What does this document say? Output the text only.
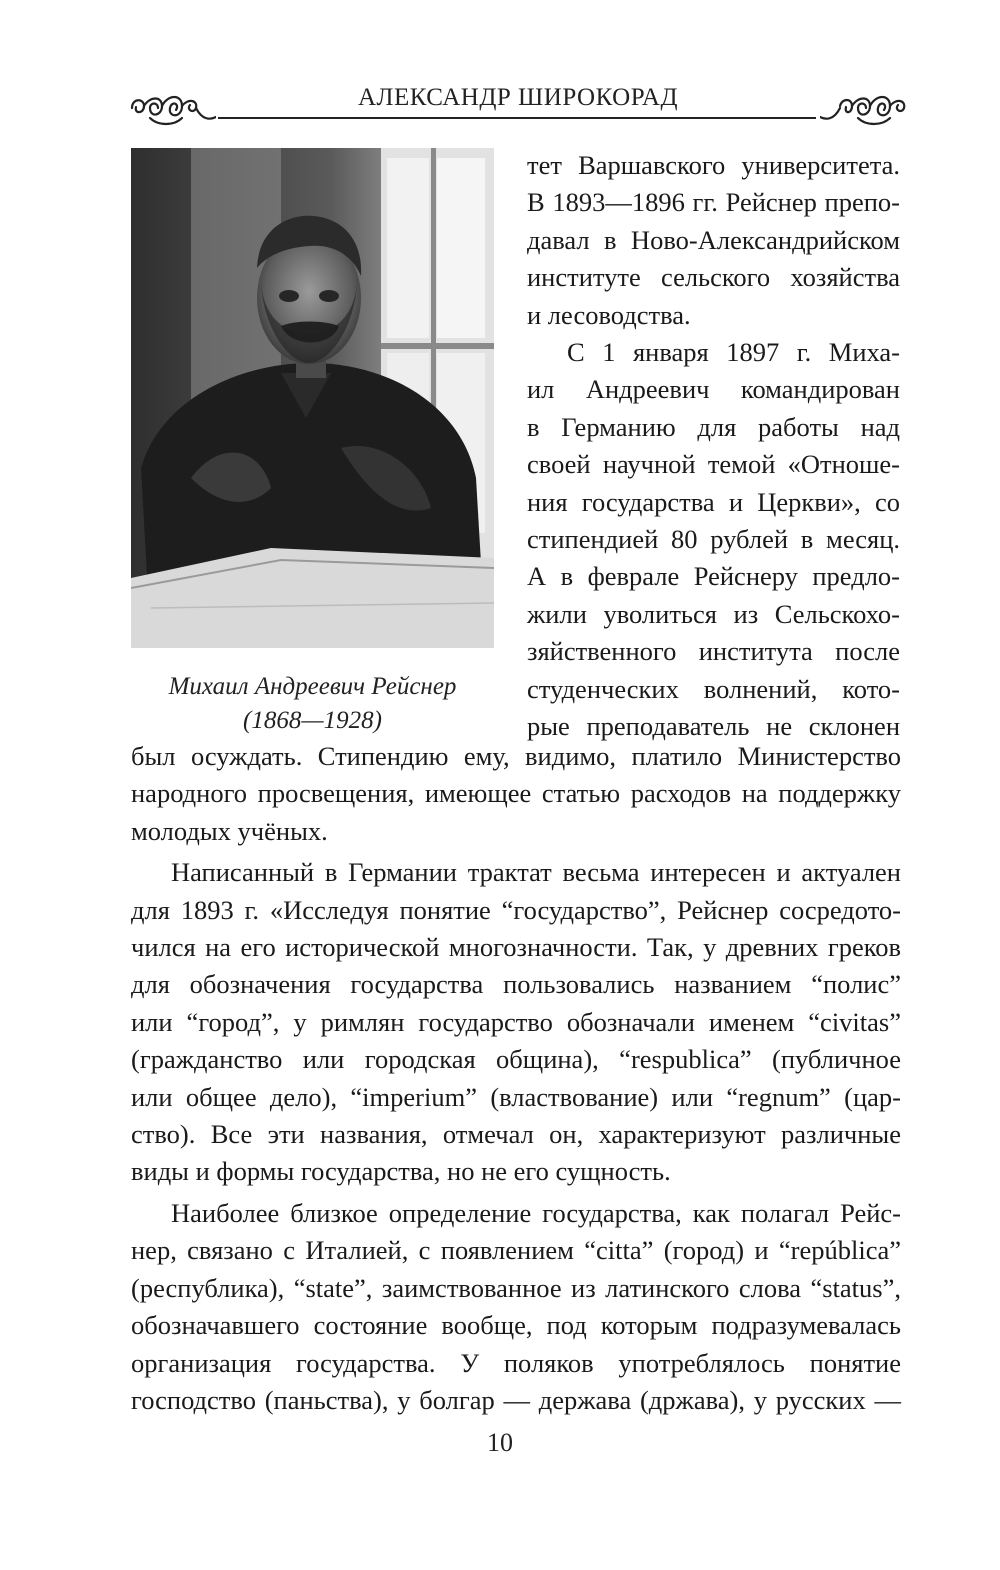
АЛЕКСАНДР ШИРОКОРАД
Михаил Андреевич Рейснер
(1868—1928)
тет Варшавского университета.
В 1893—1896 гг. Рейснер препо-
давал в Ново-Александрийском
институте сельского хозяйства
и лесоводства.
С 1 января 1897 г. Миха-
ил Андреевич командирован
в Германию для работы над
своей научной темой «Отноше-
ния государства и Церкви», со
стипендией 80 рублей в месяц.
А в феврале Рейснеру предло-
жили уволиться из Сельскохо-
зяйственного института после
студенческих волнений, кото-
рые преподаватель не склонен
был осуждать. Стипендию ему, видимо, платило Министерство
народного просвещения, имеющее статью расходов на поддержку
молодых учёных.
Написанный в Германии трактат весьма интересен и актуален
для 1893 г. «Исследуя понятие “государство”, Рейснер сосредото-
чился на его исторической многозначности. Так, у древних греков
для обозначения государства пользовались названием “полис”
или “город”, у римлян государство обозначали именем “civitas”
(гражданство или городская община), “respublica” (публичное
или общее дело), “imperium” (властвование) или “regnum” (цар-
ство). Все эти названия, отмечал он, характеризуют различные
виды и формы государства, но не его сущность.
Наиболее близкое определение государства, как полагал Рейс-
нер, связано с Италией, с появлением “citta” (город) и “república”
(республика), “state”, заимствованное из латинского слова “status”,
обозначавшего состояние вообще, под которым подразумевалась
организация государства. У поляков употреблялось понятие
господство (паньства), у болгар — держава (држава), у русских —
10
